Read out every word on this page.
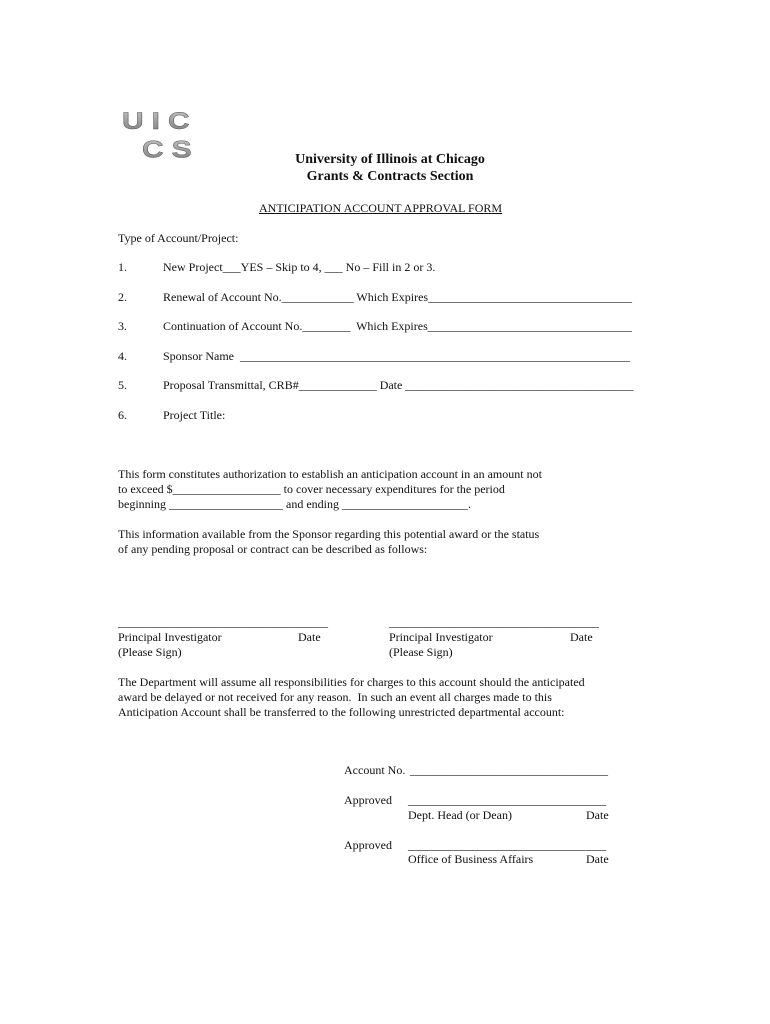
UIC
CS	University of Illinois at Chicago
Grants & Contracts Section
ANTICIPATION ACCOUNT APPROVAL FORM
Type of Account/Project:
1.	New Project___YES – Skip to 4, ___ No – Fill in 2 or 3.
2.	Renewal of Account No.____________ Which Expires__________________________________
3.	Continuation of Account No.________  Which Expires__________________________________
4.	Sponsor Name  _________________________________________________________________
5.	Proposal Transmittal, CRB#_____________ Date ______________________________________
6.	Project Title:
This form constitutes authorization to establish an anticipation account in an amount not
to exceed $__________________ to cover necessary expenditures for the period
beginning ___________________ and ending _____________________.
This information available from the Sponsor regarding this potential award or the status
of any pending proposal or contract can be described as follows:
___________________________________	___________________________________
Principal Investigator	Date	Principal Investigator	Date
(Please Sign)	(Please Sign)
The Department will assume all responsibilities for charges to this account should the anticipated
award be delayed or not received for any reason.  In such an event all charges made to this
Anticipation Account shall be transferred to the following unrestricted departmental account:
Account No. _________________________________
Approved _________________________________
Dept. Head (or Dean)	Date
Approved _________________________________
Office of Business Affairs	Date
